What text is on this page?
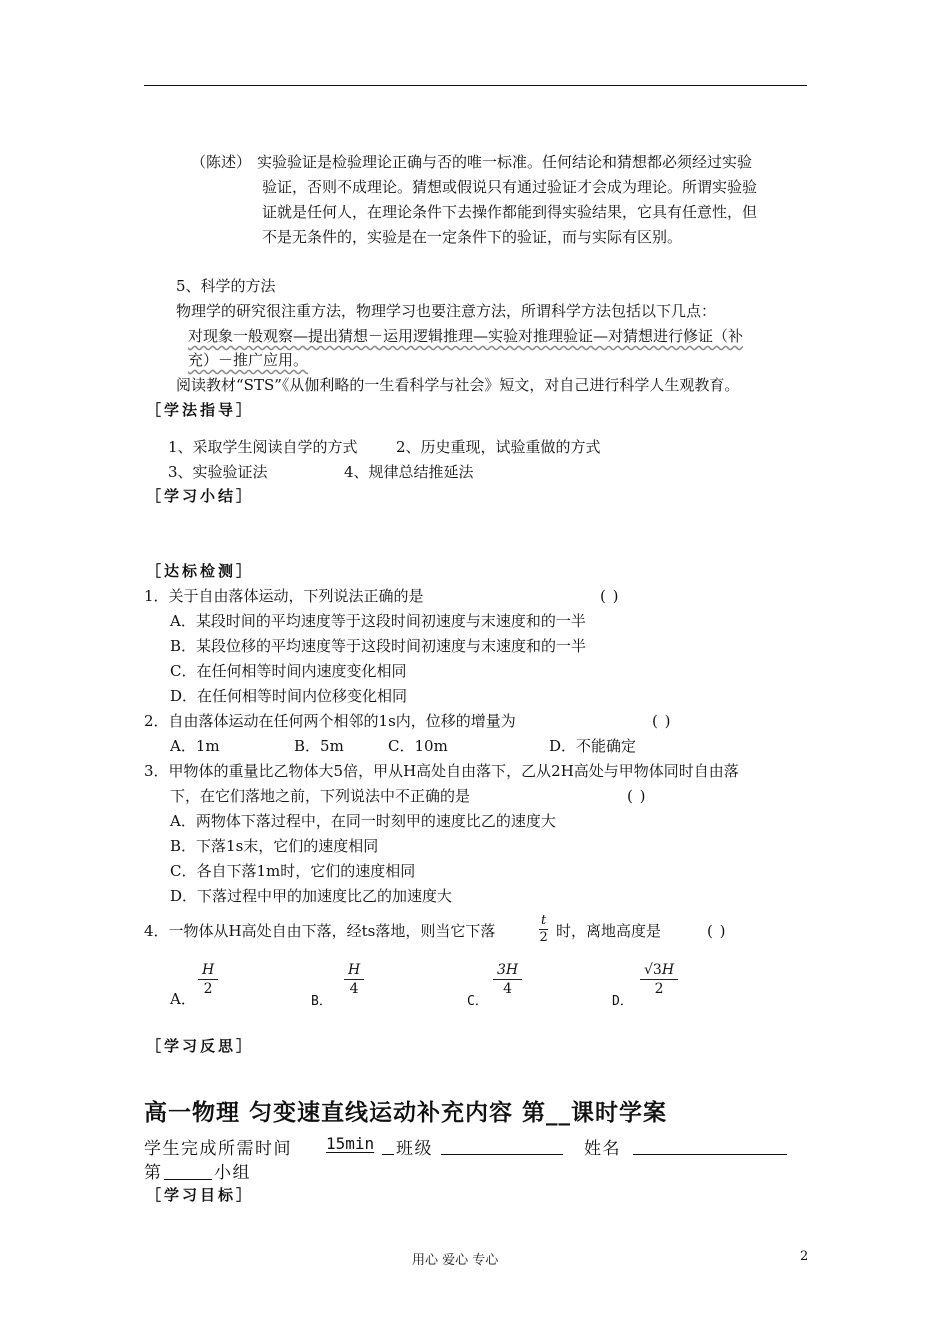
（陈述） 实验验证是检验理论正确与否的唯一标准。任何结论和猜想都必须经过实验
验证，否则不成理论。猜想或假说只有通过验证才会成为理论。所谓实验验
证就是任何人，在理论条件下去操作都能到得实验结果，它具有任意性，但
不是无条件的，实验是在一定条件下的验证，而与实际有区别。
5、科学的方法
物理学的研究很注重方法，物理学习也要注意方法，所谓科学方法包括以下几点：
对现象一般观察—提出猜想－运用逻辑推理—实验对推理验证—对猜想进行修证（补
充）－推广应用。
阅读教材“STS”《从伽利略的一生看科学与社会》短文，对自己进行科学人生观教育。
［学法指导］
1、采取学生阅读自学的方式	2、历史重现，试验重做的方式
3、实验验证法	4、规律总结推延法
［学习小结］
［达标检测］
1．关于自由落体运动，下列说法正确的是	( )
A．某段时间的平均速度等于这段时间初速度与末速度和的一半
B．某段位移的平均速度等于这段时间初速度与末速度和的一半
C．在任何相等时间内速度变化相同
D．在任何相等时间内位移变化相同
2．自由落体运动在任何两个相邻的1s内，位移的增量为	( )
A．1m	B．5m	C．10m	D．不能确定
3．甲物体的重量比乙物体大5倍，甲从H高处自由落下，乙从2H高处与甲物体同时自由落
下，在它们落地之前，下列说法中不正确的是	( )
A．两物体下落过程中，在同一时刻甲的速度比乙的速度大
B．下落1s末，它们的速度相同
C．各自下落1m时，它们的速度相同
D．下落过程中甲的加速度比乙的加速度大
4．一物体从H高处自由下落，经ts落地，则当它下落	$\frac{t}{2}$ 时，离地高度是	( )
A．
$\frac{H}{2}$
B．
$\frac{H}{4}$
C．
$\frac{3H}{4}$
D．
$\frac{√3H}{2}$
［学习反思］
高一物理 匀变速直线运动补充内容 第__课时学案
学生完成所需时间 15min 班级	姓名
第	小组
［学习目标］
用心 爱心 专心	2
